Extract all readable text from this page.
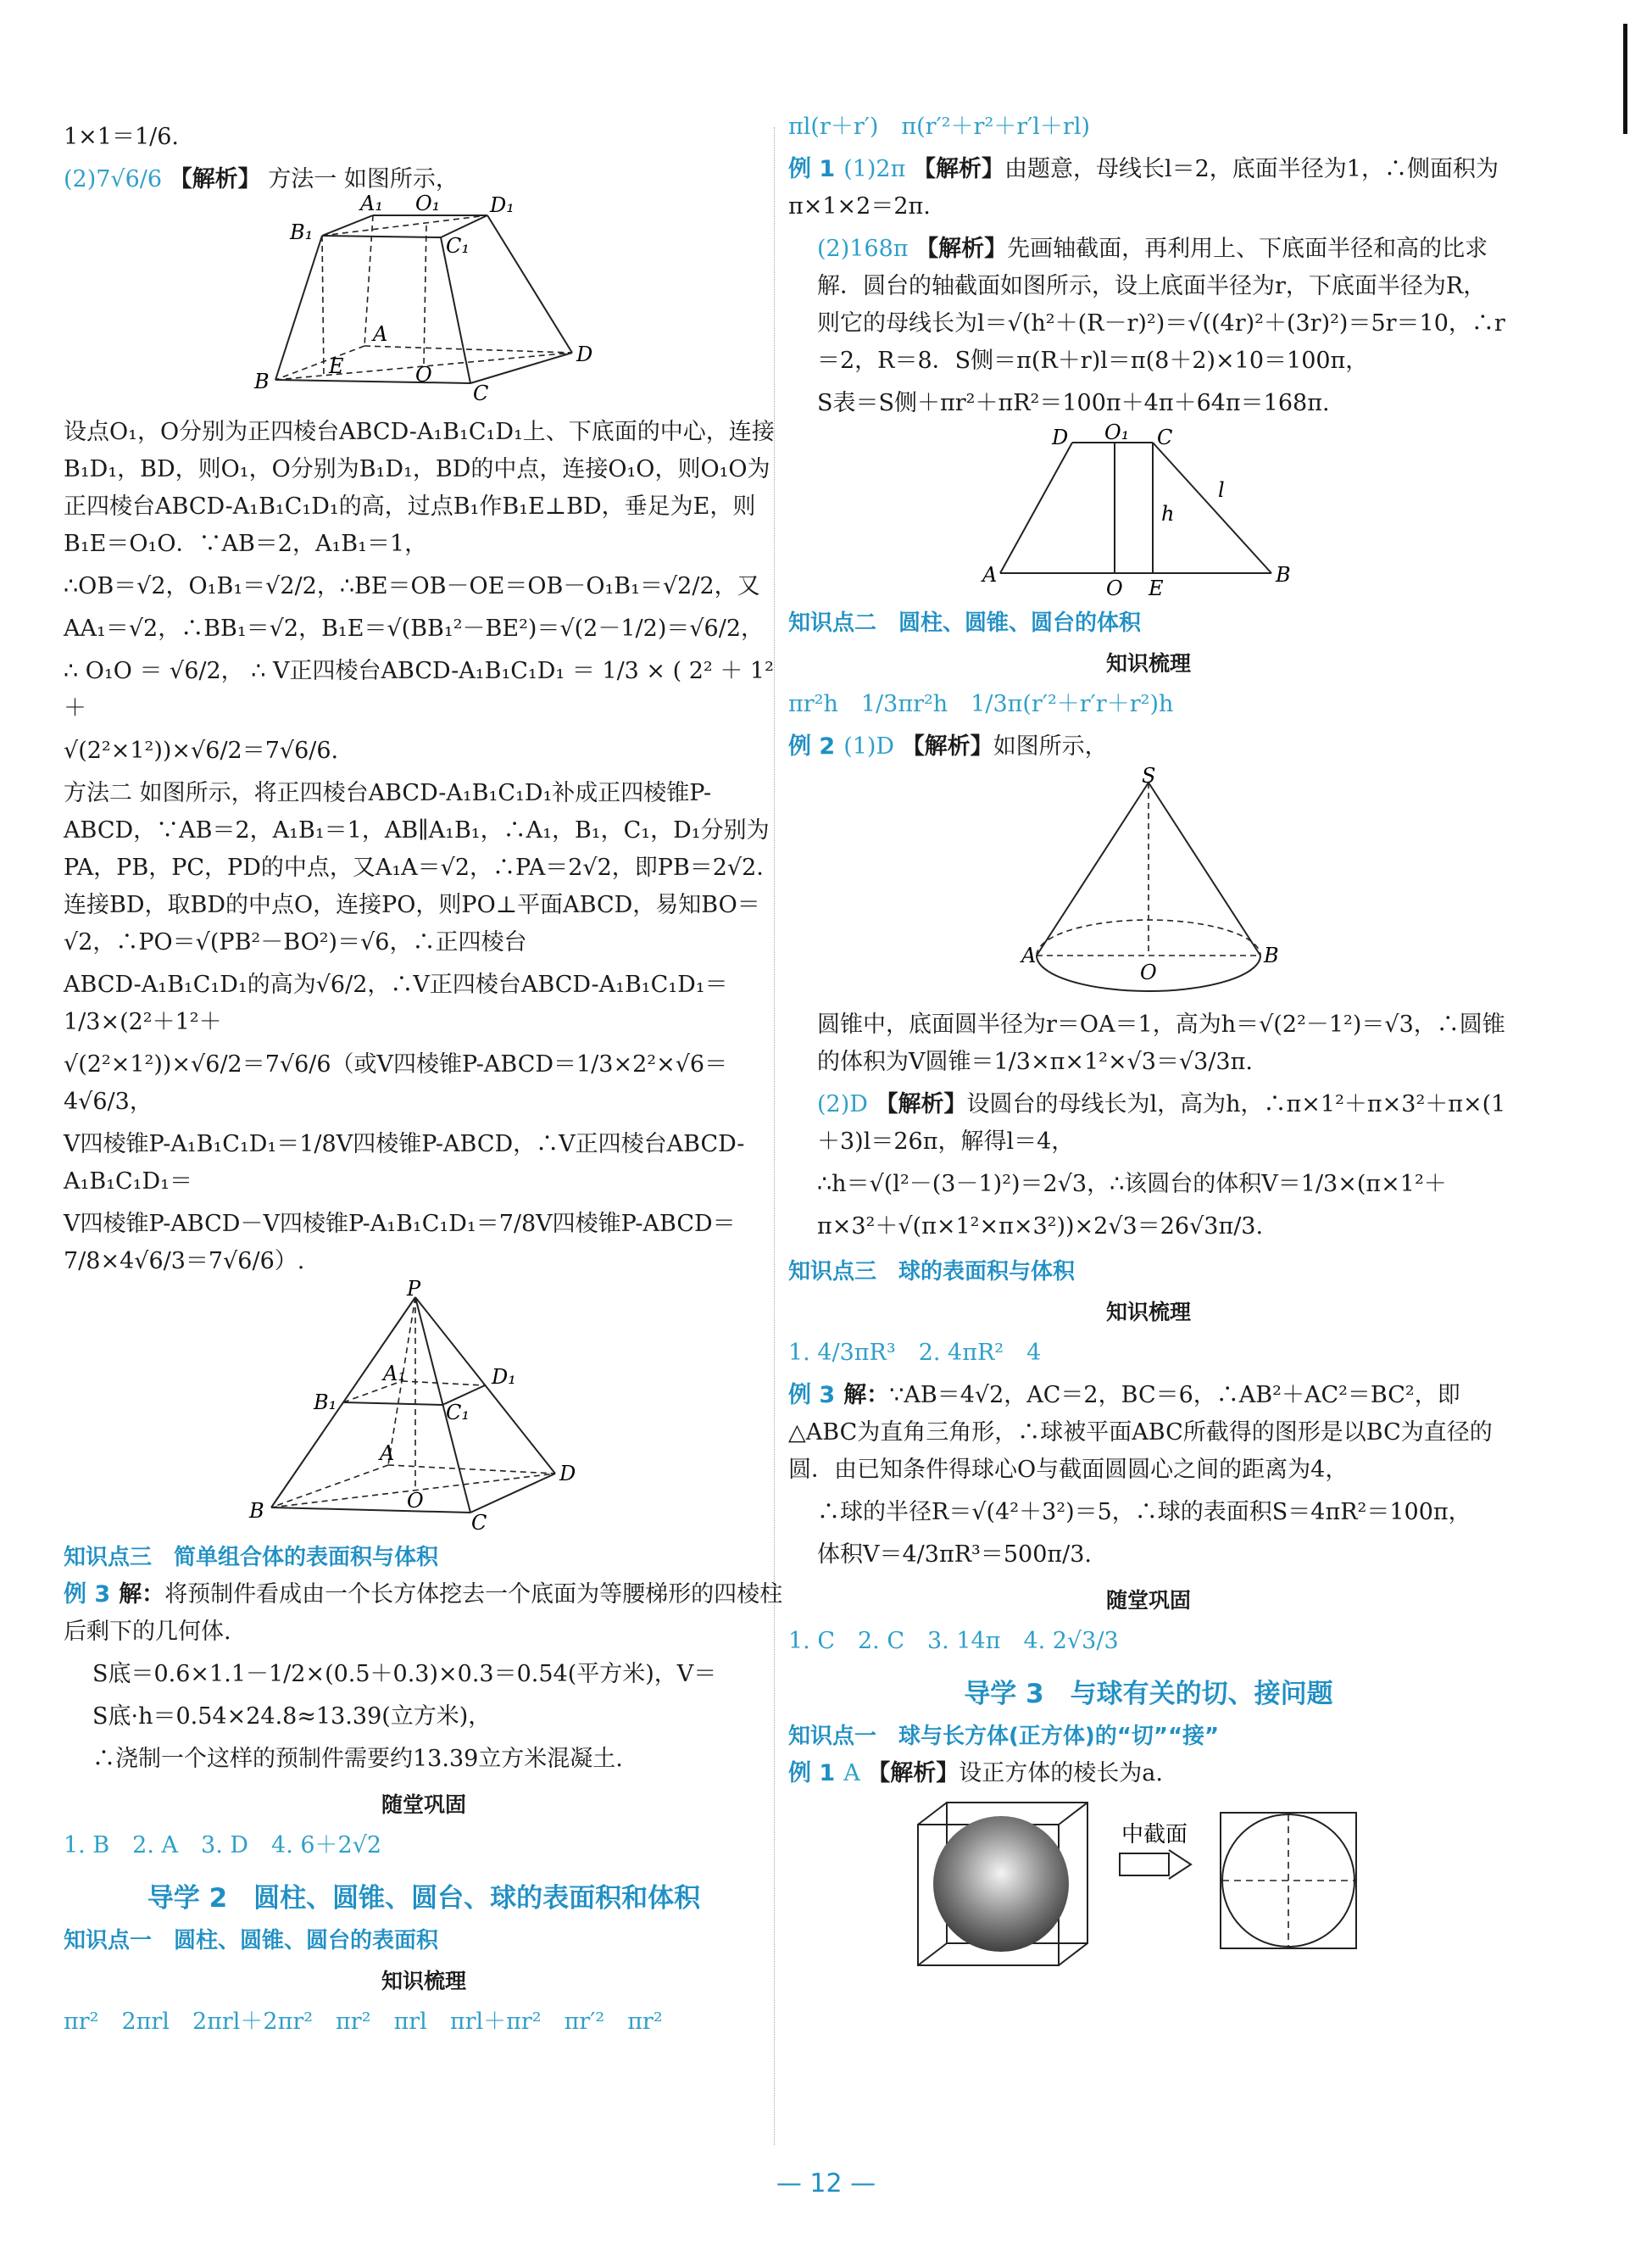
1×1＝1/6.
(2)7√6/6 【解析】 方法一 如图所示，
A₁ O₁ D₁
B₁
C₁
A
E
B	O
C
D
设点O₁，O分别为正四棱台ABCD-A₁B₁C₁D₁上、下底面的中心，连接B₁D₁，BD，则O₁，O分别为B₁D₁，BD的中点，连接O₁O，则O₁O为正四棱台ABCD-A₁B₁C₁D₁的高，过点B₁作B₁E⊥BD，垂足为E，则B₁E＝O₁O．∵AB＝2，A₁B₁＝1，
∴OB＝√2，O₁B₁＝√2/2，∴BE＝OB－OE＝OB－O₁B₁＝√2/2，又
AA₁＝√2，∴BB₁＝√2，B₁E＝√(BB₁²－BE²)＝√(2－1/2)＝√6/2，
∴ O₁O ＝ √6/2， ∴ V正四棱台ABCD-A₁B₁C₁D₁ ＝ 1/3 × ( 2² ＋ 1² ＋
√(2²×1²))×√6/2＝7√6/6.
方法二 如图所示，将正四棱台ABCD-A₁B₁C₁D₁补成正四棱锥P-ABCD，∵AB＝2，A₁B₁＝1，AB∥A₁B₁，∴A₁，B₁，C₁，D₁分别为PA，PB，PC，PD的中点，又A₁A＝√2，∴PA＝2√2，即PB＝2√2．连接BD，取BD的中点O，连接PO，则PO⊥平面ABCD，易知BO＝√2，∴PO＝√(PB²－BO²)＝√6，∴正四棱台
ABCD-A₁B₁C₁D₁的高为√6/2，∴V正四棱台ABCD-A₁B₁C₁D₁＝1/3×(2²＋1²＋
√(2²×1²))×√6/2＝7√6/6（或V四棱锥P-ABCD＝1/3×2²×√6＝4√6/3，
V四棱锥P-A₁B₁C₁D₁＝1/8V四棱锥P-ABCD，∴V正四棱台ABCD-A₁B₁C₁D₁＝
V四棱锥P-ABCD－V四棱锥P-A₁B₁C₁D₁＝7/8V四棱锥P-ABCD＝7/8×4√6/3＝7√6/6）.
P
A₁	D₁
B₁	C₁
A
B	O
C
D
知识点三　简单组合体的表面积与体积
例 3 解：将预制件看成由一个长方体挖去一个底面为等腰梯形的四棱柱后剩下的几何体.
S底＝0.6×1.1－1/2×(0.5＋0.3)×0.3＝0.54(平方米)，V＝
S底·h＝0.54×24.8≈13.39(立方米)，
∴浇制一个这样的预制件需要约13.39立方米混凝土.
随堂巩固
1. B　2. A　3. D　4. 6＋2√2
导学 2　圆柱、圆锥、圆台、球的表面积和体积
知识点一　圆柱、圆锥、圆台的表面积
知识梳理
πr²　2πrl　2πrl＋2πr²　πr²　πrl　πrl＋πr²　πr′²　πr²
πl(r＋r′)　π(r′²＋r²＋r′l＋rl)
例 1 (1)2π 【解析】由题意，母线长l＝2，底面半径为1，∴侧面积为π×1×2＝2π.
(2)168π 【解析】先画轴截面，再利用上、下底面半径和高的比求解．圆台的轴截面如图所示，设上底面半径为r，下底面半径为R，则它的母线长为l＝√(h²＋(R－r)²)＝√((4r)²＋(3r)²)＝5r＝10，∴r＝2，R＝8．S侧＝π(R＋r)l＝π(8＋2)×10＝100π，
S表＝S侧＋πr²＋πR²＝100π＋4π＋64π＝168π.
D O₁ C
l
h
A
O E
B
知识点二　圆柱、圆锥、圆台的体积
知识梳理
πr²h　1/3πr²h　1/3π(r′²＋r′r＋r²)h
例 2 (1)D 【解析】如图所示，
S
A
O
B
圆锥中，底面圆半径为r＝OA＝1，高为h＝√(2²－1²)＝√3，∴圆锥的体积为V圆锥＝1/3×π×1²×√3＝√3/3π.
(2)D 【解析】设圆台的母线长为l，高为h，∴π×1²＋π×3²＋π×(1＋3)l＝26π，解得l＝4，
∴h＝√(l²－(3－1)²)＝2√3，∴该圆台的体积V＝1/3×(π×1²＋
π×3²＋√(π×1²×π×3²))×2√3＝26√3π/3.
知识点三　球的表面积与体积
知识梳理
1. 4/3πR³　2. 4πR²　4
例 3 解：∵AB＝4√2，AC＝2，BC＝6，∴AB²＋AC²＝BC²，即△ABC为直角三角形，∴球被平面ABC所截得的图形是以BC为直径的圆．由已知条件得球心O与截面圆圆心之间的距离为4，
∴球的半径R＝√(4²＋3²)＝5，∴球的表面积S＝4πR²＝100π，
体积V＝4/3πR³＝500π/3.
随堂巩固
1. C　2. C　3. 14π　4. 2√3/3
导学 3　与球有关的切、接问题
知识点一　球与长方体(正方体)的“切”“接”
例 1 A 【解析】设正方体的棱长为a.
中截面
— 12 —
